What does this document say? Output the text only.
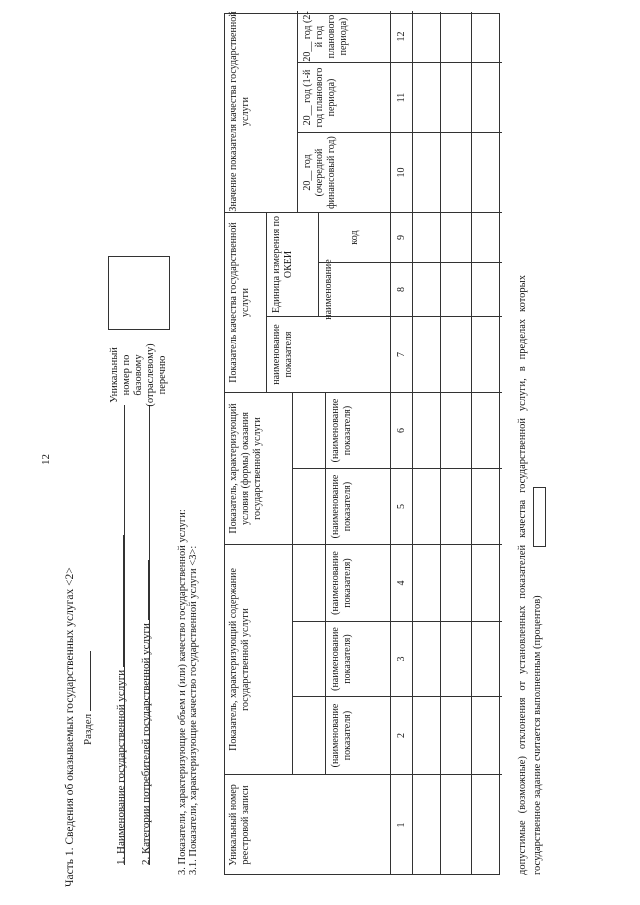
12
Часть 1. Сведения об оказываемых государственных услугах <2> Раздел 1. Наименование государственной услуги 2. Категории потребителей государственной услуги
Уникальный номер по базовому (отраслевому) перечню
3. Показатели, характеризующие объем и (или) качество государственной услуги: 3.1. Показатели, характеризующие качество государственной услуги <3>:	Уникальный номер реестровой записи
Показатель, характеризующий содержание государственной услуги
Показатель, характеризующий условия (формы) оказания государственной услуги
Показатель качества государственной услуги
Значение показателя качества государственной услуги
(наименование показателя)
(наименование показателя)
(наименование показателя)
(наименование показателя)
(наименование показателя)
наименование показателя
Единица измерения по ОКЕИ	наименование
код
20__ год (очередной финансовый год)
20__ год (1-й год планового периода)
20__ год (2-й год планового периода)
1
2
3
4
5
6
7
8
9
10
11
12
допустимые (возможные) отклонения от установленных показателей качества государственной услуги, в пределах которых государственное задание считается выполненным (процентов)
